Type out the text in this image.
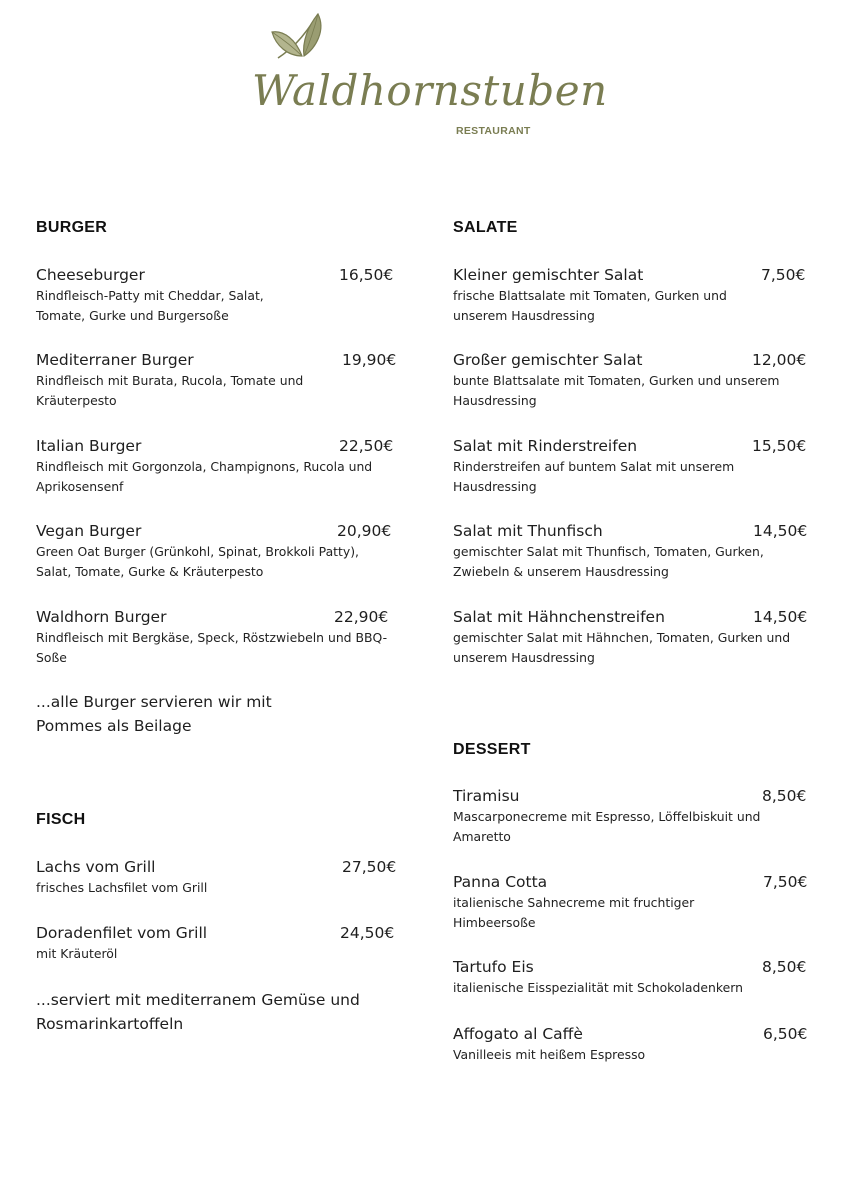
Waldhornstuben
RESTAURANT
BURGER
Cheeseburger	16,50€
Rindfleisch-Patty mit Cheddar, Salat, Tomate, Gurke und Burgersoße
Mediterraner Burger	19,90€
Rindfleisch mit Burata, Rucola, Tomate und Kräuterpesto
Italian Burger	22,50€
Rindfleisch mit Gorgonzola, Champignons, Rucola und Aprikosensenf
Vegan Burger	20,90€
Green Oat Burger (Grünkohl, Spinat, Brokkoli Patty), Salat, Tomate, Gurke & Kräuterpesto
Waldhorn Burger	22,90€
Rindfleisch mit Bergkäse, Speck, Röstzwiebeln und BBQ-Soße
...alle Burger servieren wir mit Pommes als Beilage
FISCH
Lachs vom Grill	27,50€
frisches Lachsfilet vom Grill
Doradenfilet vom Grill	24,50€
mit Kräuteröl
...serviert mit mediterranem Gemüse und Rosmarinkartoffeln
SALATE
Kleiner gemischter Salat	7,50€
frische Blattsalate mit Tomaten, Gurken und unserem Hausdressing
Großer gemischter Salat	12,00€
bunte Blattsalate mit Tomaten, Gurken und unserem Hausdressing
Salat mit Rinderstreifen	15,50€
Rinderstreifen auf buntem Salat mit unserem Hausdressing
Salat mit Thunfisch	14,50€
gemischter Salat mit Thunfisch, Tomaten, Gurken, Zwiebeln & unserem Hausdressing
Salat mit Hähnchenstreifen	14,50€
gemischter Salat mit Hähnchen, Tomaten, Gurken und unserem Hausdressing
DESSERT
Tiramisu	8,50€
Mascarponecreme mit Espresso, Löffelbiskuit und Amaretto
Panna Cotta	7,50€
italienische Sahnecreme mit fruchtiger Himbeersoße
Tartufo Eis	8,50€
italienische Eisspezialität mit Schokoladenkern
Affogato al Caffè	6,50€
Vanilleeis mit heißem Espresso
